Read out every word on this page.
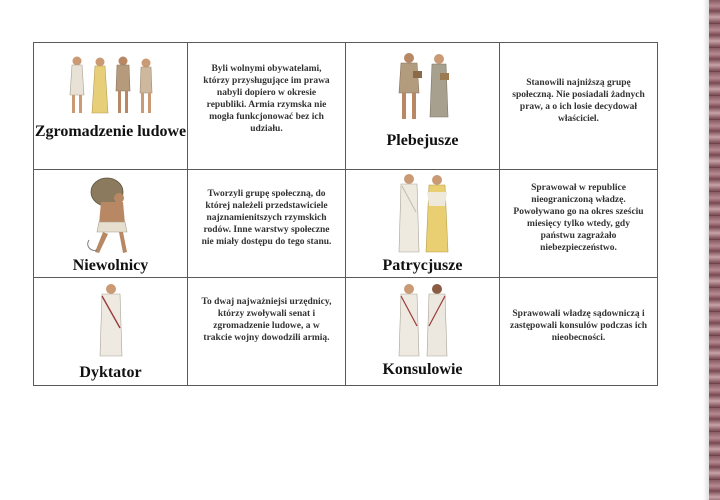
Zgromadzenie ludowe	Byli wolnymi obywatelami, którzy przysługujące im prawa nabyli dopiero w okresie republiki. Armia rzymska nie mogła funkcjonować bez ich udziału.	Plebejusze	Stanowili najniższą grupę społeczną. Nie posiadali żadnych praw, a o ich losie decydował właściciel.

Niewolnicy	Tworzyli grupę społeczną, do której należeli przedstawiciele najznamienitszych rzymskich rodów. Inne warstwy społeczne nie miały dostępu do tego stanu.	Patrycjusze	Sprawował w republice nieograniczoną władzę. Powoływano go na okres sześciu miesięcy tylko wtedy, gdy państwu zagrażało niebezpieczeństwo.

Dyktator	To dwaj najważniejsi urzędnicy, którzy zwoływali senat i zgromadzenie ludowe, a w trakcie wojny dowodzili armią.	Konsulowie	Sprawowali władzę sądowniczą i zastępowali konsulów podczas ich nieobecności.
